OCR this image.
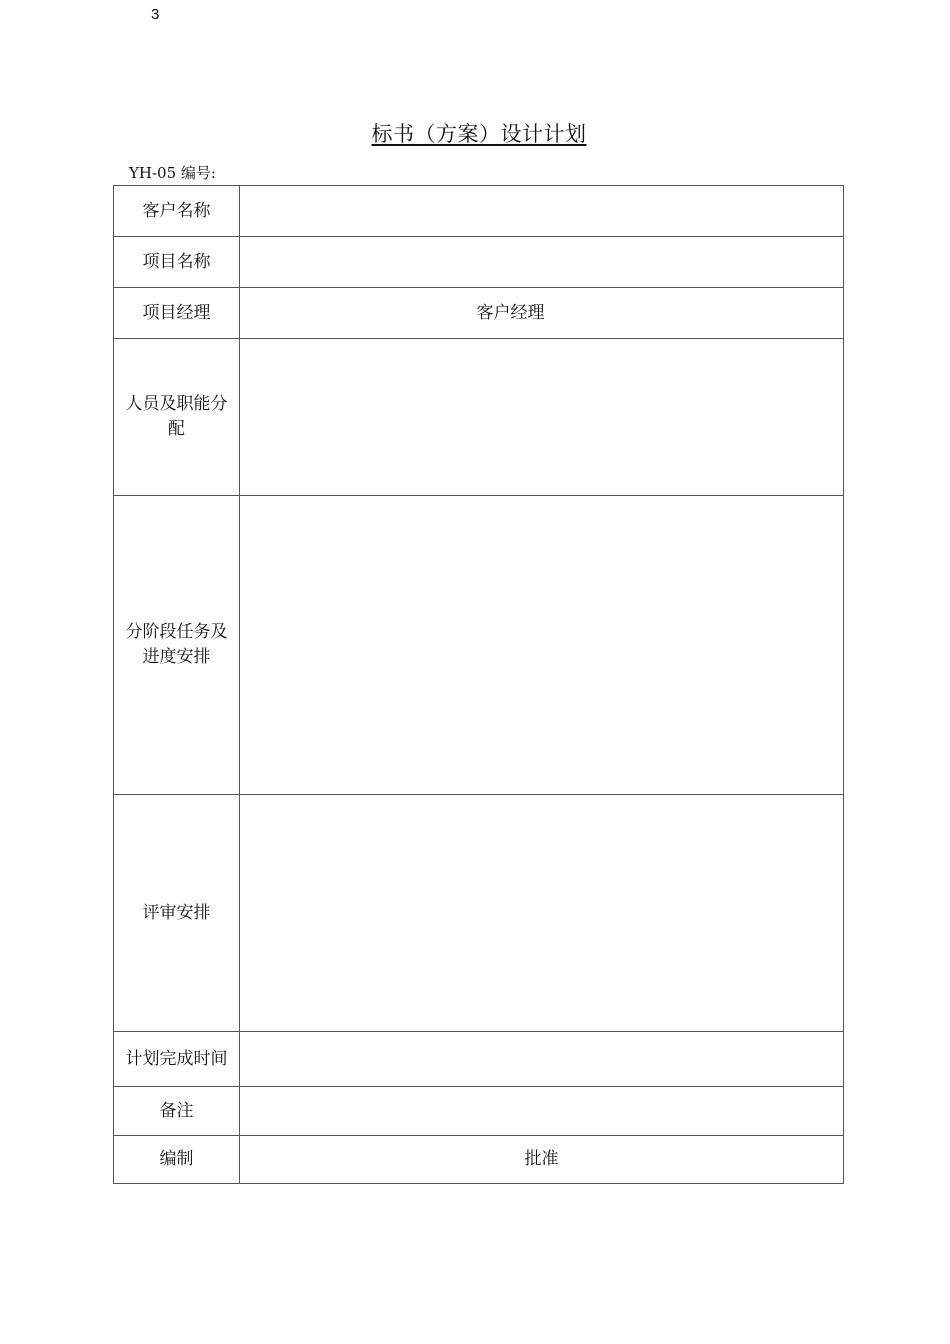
3
标书（方案）设计计划
YH-05 编号:
客户名称	
项目名称	
项目经理	客户经理
人员及职能分配	
分阶段任务及进度安排	
评审安排	
计划完成时间	
备注	
编制	批准
